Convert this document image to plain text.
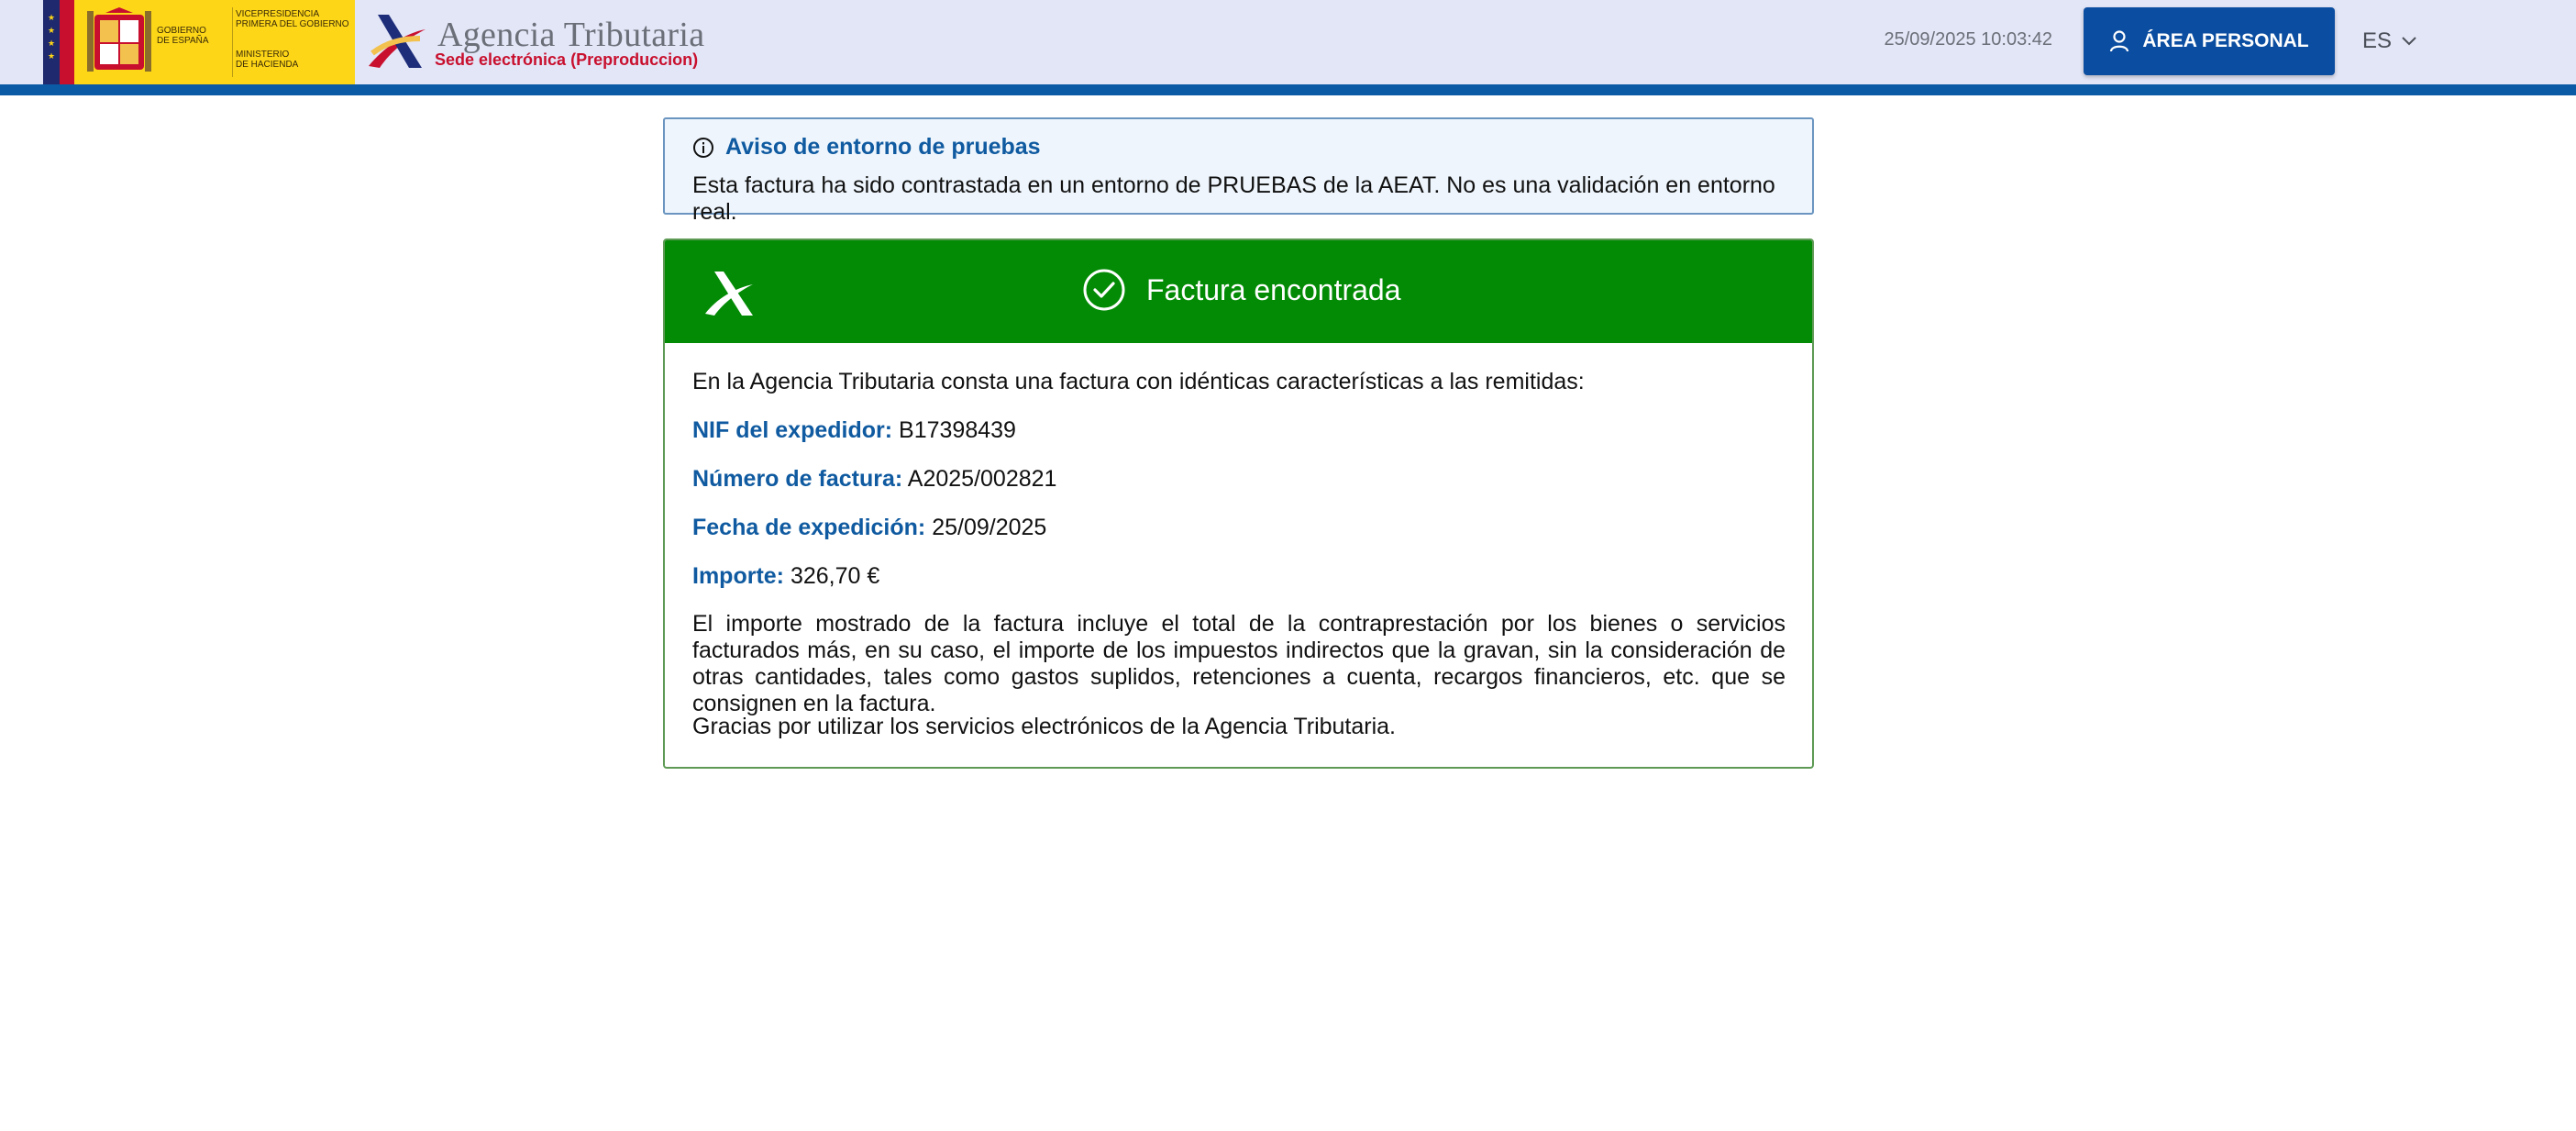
★
★
★
★
GOBIERNO
DE ESPAÑA
VICEPRESIDENCIA
PRIMERA DEL GOBIERNO
MINISTERIO
DE HACIENDA
Agencia Tributaria
Sede electrónica (Preproduccion)
25/09/2025 10:03:42	ÁREA PERSONAL ES
Aviso de entorno de pruebas
Esta factura ha sido contrastada en un entorno de PRUEBAS de la AEAT. No es una validación en entorno real.
Factura encontrada
En la Agencia Tributaria consta una factura con idénticas características a las remitidas:
NIF del expedidor: B17398439
Número de factura: A2025/002821
Fecha de expedición: 25/09/2025
Importe: 326,70 €
El importe mostrado de la factura incluye el total de la contraprestación por los bienes o servicios facturados más, en su caso, el importe de los impuestos indirectos que la gravan, sin la consideración de otras cantidades, tales como gastos suplidos, retenciones a cuenta, recargos financieros, etc. que se consignen en la factura.
Gracias por utilizar los servicios electrónicos de la Agencia Tributaria.
